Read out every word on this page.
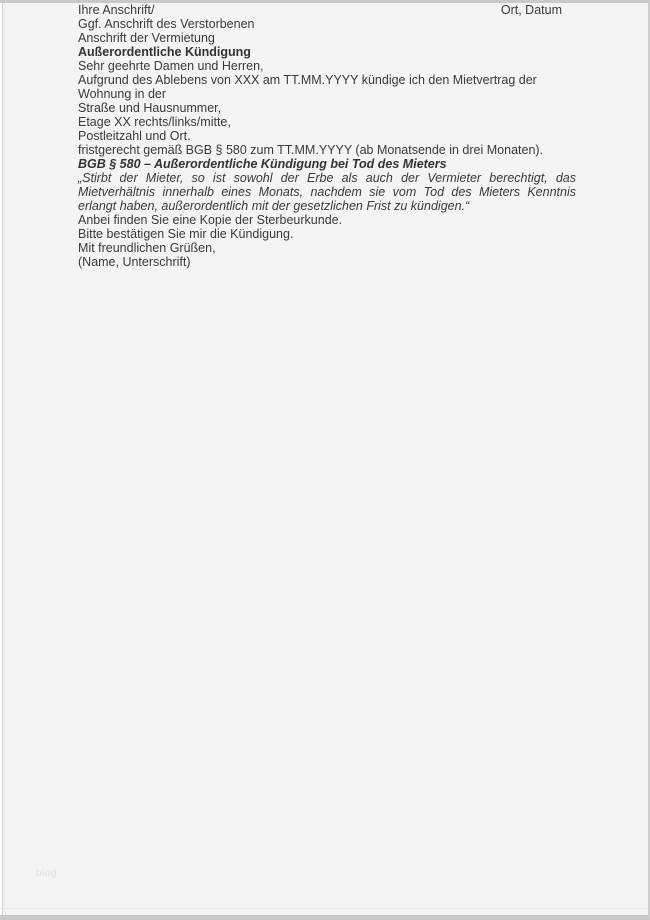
Ihre Anschrift/
Ggf. Anschrift des Verstorbenen
Ort, Datum

Anschrift der Vermietung

Außerordentliche Kündigung

Sehr geehrte Damen und Herren,

Aufgrund des Ablebens von XXX am TT.MM.YYYY kündige ich den Mietvertrag der Wohnung in der

Straße und Hausnummer,
Etage XX rechts/links/mitte,
Postleitzahl und Ort.

fristgerecht gemäß BGB § 580 zum TT.MM.YYYY (ab Monatsende in drei Monaten).

BGB § 580 – Außerordentliche Kündigung bei Tod des Mieters
„Stirbt der Mieter, so ist sowohl der Erbe als auch der Vermieter berechtigt, das Mietverhältnis innerhalb eines Monats, nachdem sie vom Tod des Mieters Kenntnis erlangt haben, außerordentlich mit der gesetzlichen Frist zu kündigen.“

Anbei finden Sie eine Kopie der Sterbeurkunde.

Bitte bestätigen Sie mir die Kündigung.

Mit freundlichen Grüßen,

(Name, Unterschrift)

blog
